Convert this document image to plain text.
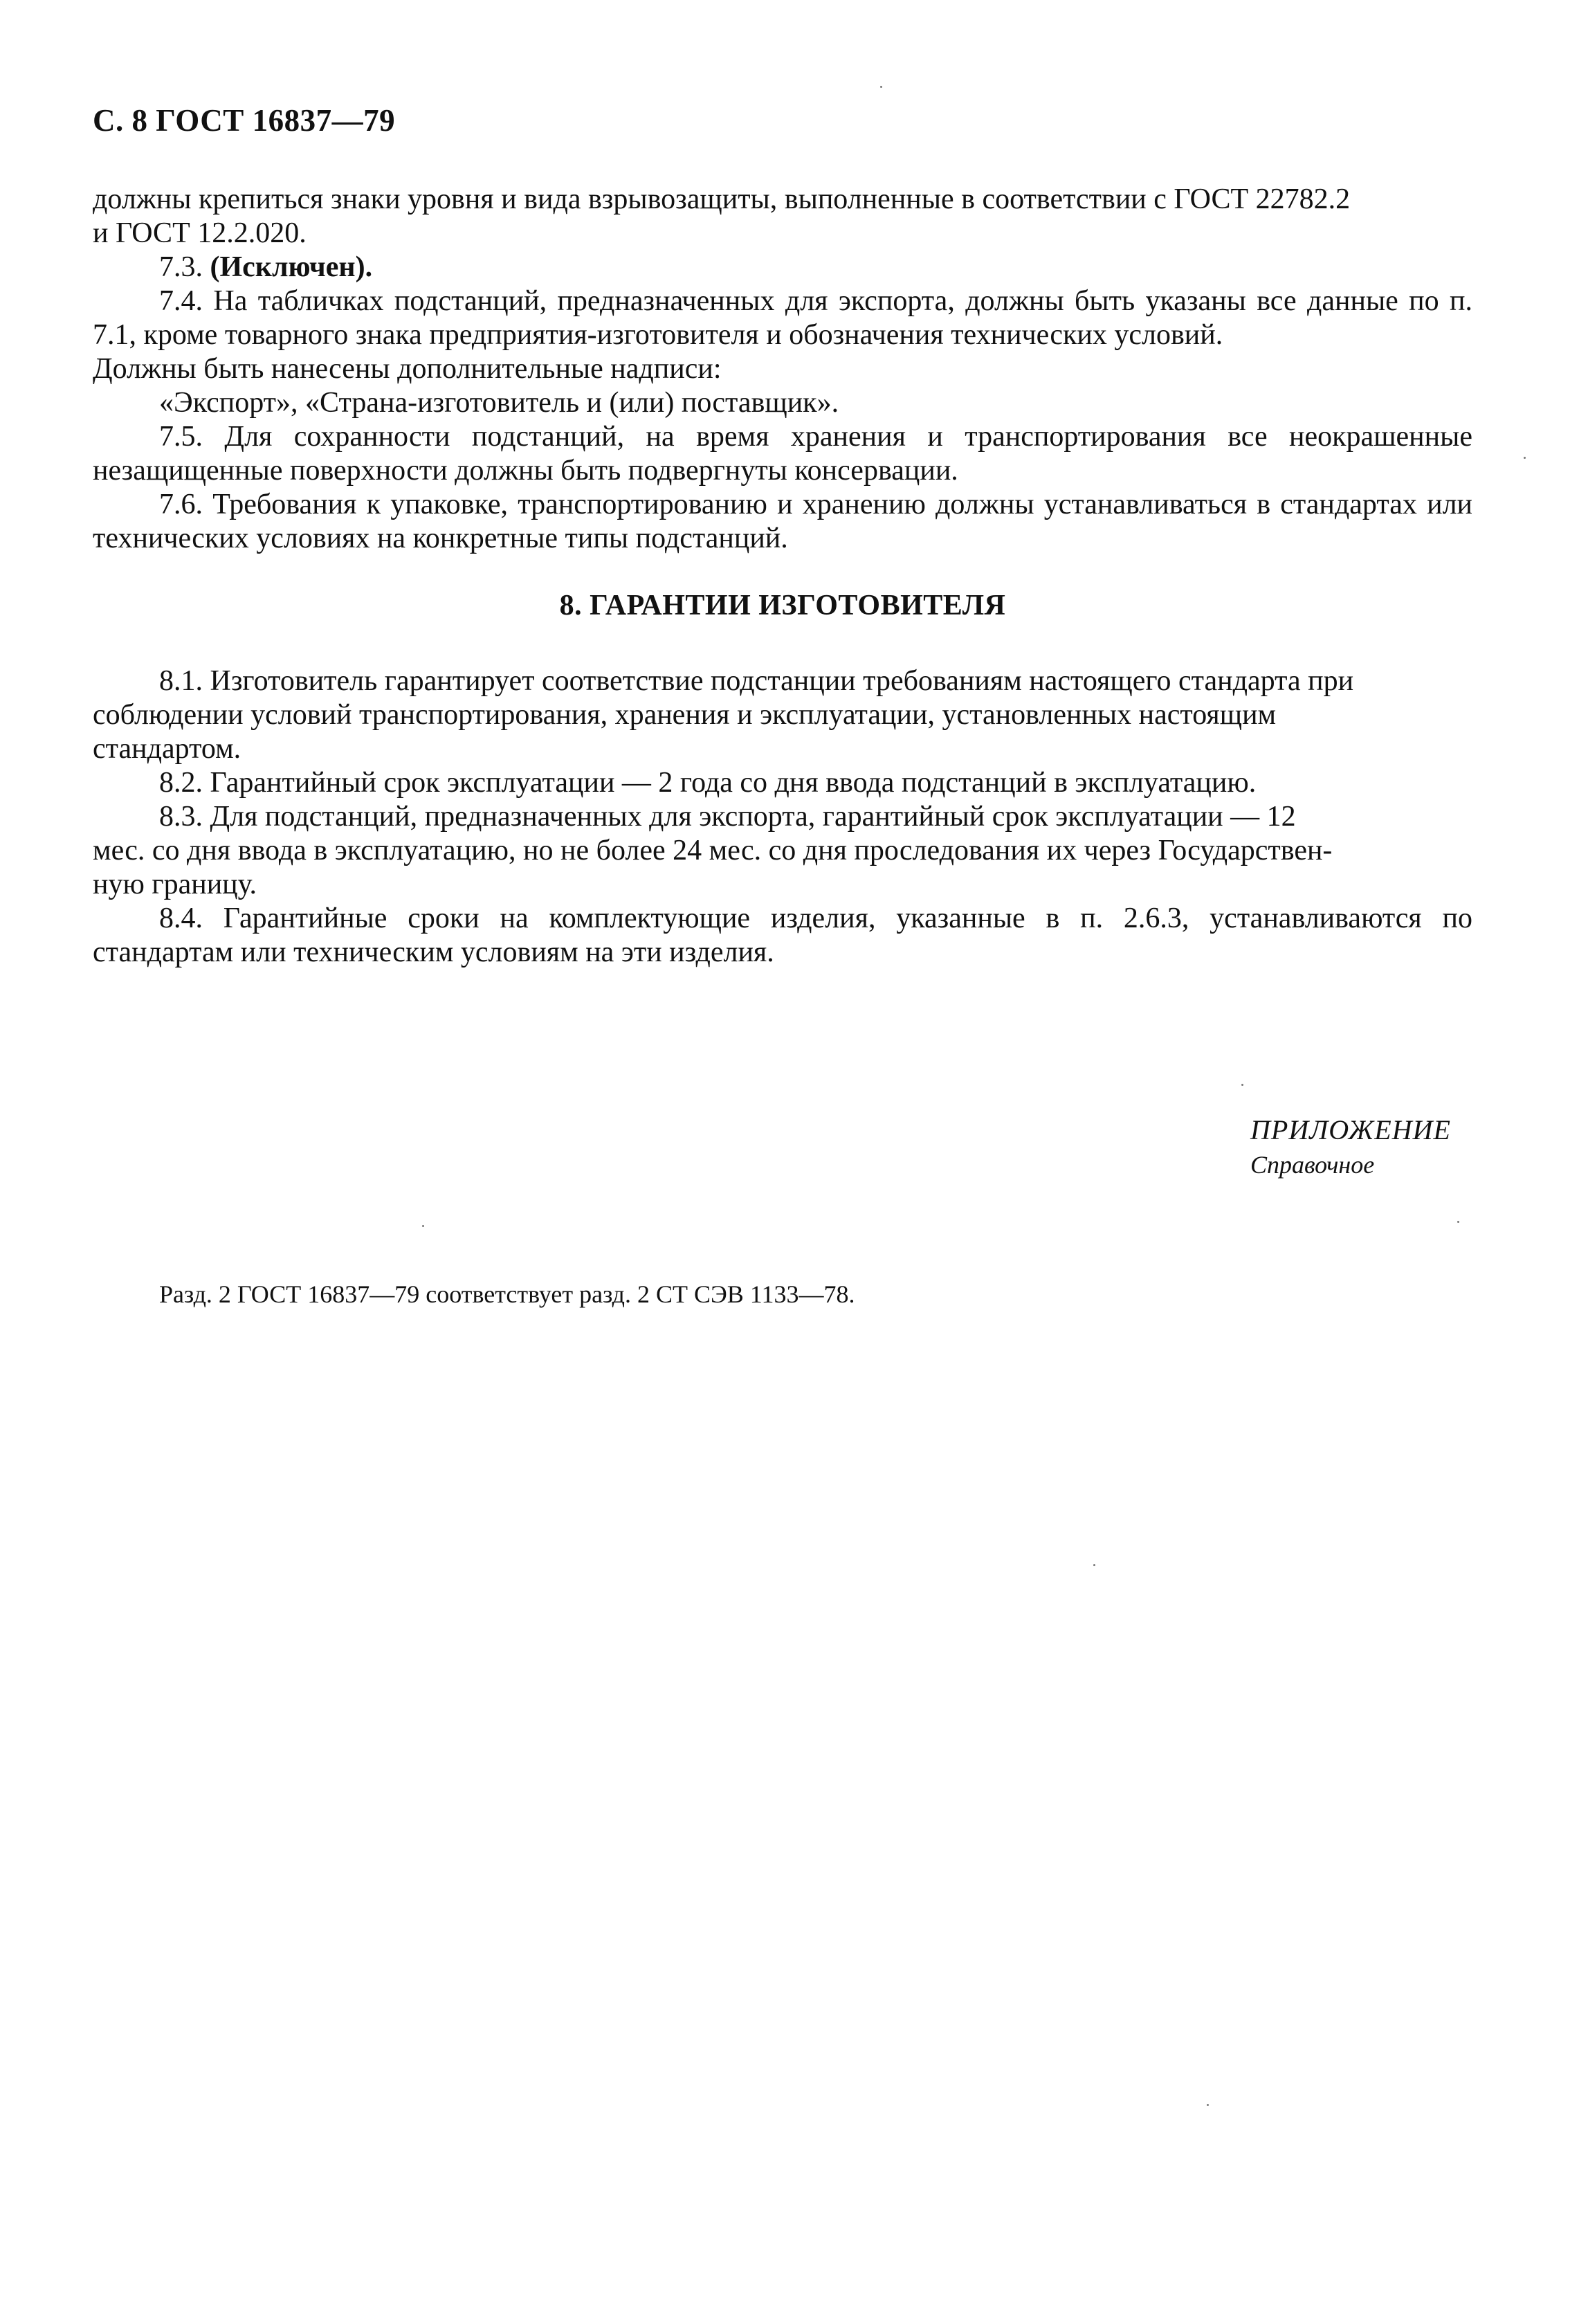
С. 8 ГОСТ 16837—79

должны крепиться знаки уровня и вида взрывозащиты, выполненные в соответствии с ГОСТ 22782.2

и ГОСТ 12.2.020.

7.3. (Исключен).

7.4. На табличках подстанций, предназначенных для экспорта, должны быть указаны все данные по п. 7.1, кроме товарного знака предприятия-изготовителя и обозначения технических условий.

Должны быть нанесены дополнительные надписи:

«Экспорт», «Страна-изготовитель и (или) поставщик».

7.5. Для сохранности подстанций, на время хранения и транспортирования все неокрашенные незащищенные поверхности должны быть подвергнуты консервации.

7.6. Требования к упаковке, транспортированию и хранению должны устанавливаться в стандартах или технических условиях на конкретные типы подстанций.

8. ГАРАНТИИ ИЗГОТОВИТЕЛЯ

8.1. Изготовитель гарантирует соответствие подстанции требованиям настоящего стандарта при

соблюдении условий транспортирования, хранения и эксплуатации, установленных настоящим

стандартом.

8.2. Гарантийный срок эксплуатации — 2 года со дня ввода подстанций в эксплуатацию.

8.3. Для подстанций, предназначенных для экспорта, гарантийный срок эксплуатации — 12

мес. со дня ввода в эксплуатацию, но не более 24 мес. со дня проследования их через Государствен-

ную границу.

8.4. Гарантийные сроки на комплектующие изделия, указанные в п. 2.6.3, устанавливаются по стандартам или техническим условиям на эти изделия.

ПРИЛОЖЕНИЕ
Справочное
Разд. 2 ГОСТ 16837—79 соответствует разд. 2 СТ СЭВ 1133—78.
